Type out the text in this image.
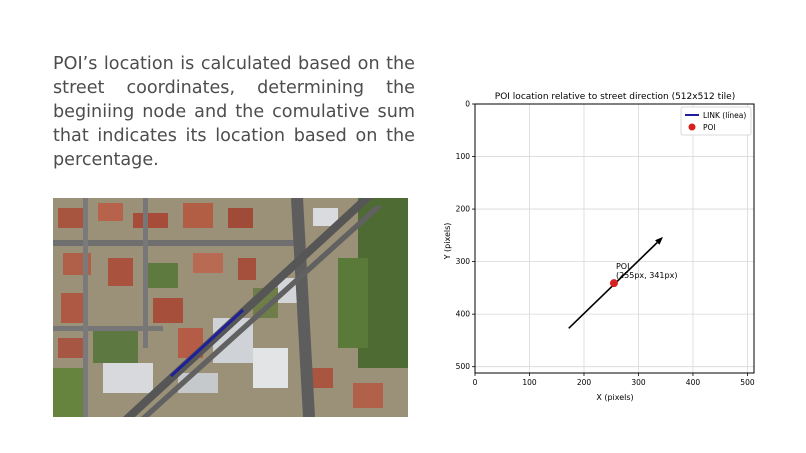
POI’s location is calculated based on the street coordinates, determining the beginiing node and the comulative sum that indicates its location based on the percentage.

0	100	200	300	400	500
0
100
200
300
400
500
POI location relative to street direction (512x512 tile)
X (pixels)
Y (pixels)
POI (255px, 341px)
LINK (línea)
POI
